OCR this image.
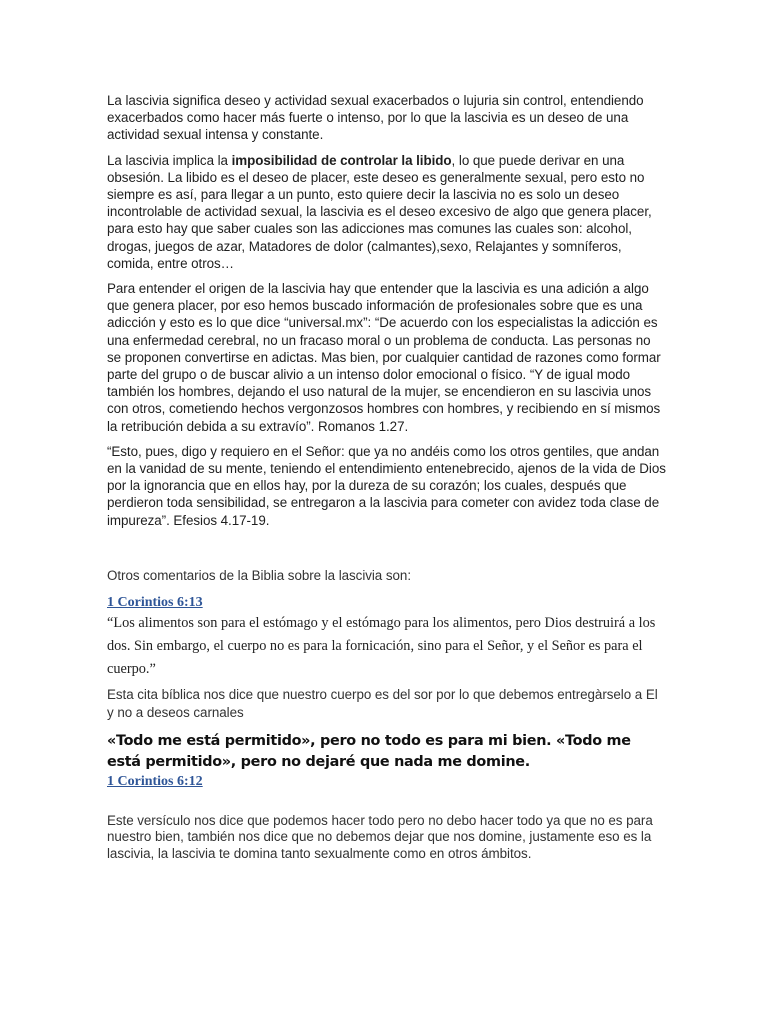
La lascivia significa deseo y actividad sexual exacerbados o lujuria sin control, entendiendo exacerbados como hacer más fuerte o intenso, por lo que la lascivia es un deseo de una actividad sexual intensa y constante.

La lascivia implica la imposibilidad de controlar la libido, lo que puede derivar en una obsesión. La libido es el deseo de placer, este deseo es generalmente sexual, pero esto no siempre es así, para llegar a un punto, esto quiere decir la lascivia no es solo un deseo incontrolable de actividad sexual, la lascivia es el deseo excesivo de algo que genera placer, para esto hay que saber cuales son las adicciones mas comunes las cuales son: alcohol, drogas, juegos de azar, Matadores de dolor (calmantes),sexo, Relajantes y somníferos, comida, entre otros…

Para entender el origen de la lascivia hay que entender que la lascivia es una adición a algo que genera placer, por eso hemos buscado información de profesionales sobre que es una adicción y esto es lo que dice “universal.mx”: “De acuerdo con los especialistas la adicción es una enfermedad cerebral, no un fracaso moral o un problema de conducta. Las personas no se proponen convertirse en adictas. Mas bien, por cualquier cantidad de razones como formar parte del grupo o de buscar alivio a un intenso dolor emocional o físico. “Y de igual modo también los hombres, dejando el uso natural de la mujer, se encendieron en su lascivia unos con otros, cometiendo hechos vergonzosos hombres con hombres, y recibiendo en sí mismos la retribución debida a su extravío”. Romanos 1.27.

“Esto, pues, digo y requiero en el Señor: que ya no andéis como los otros gentiles, que andan en la vanidad de su mente, teniendo el entendimiento entenebrecido, ajenos de la vida de Dios por la ignorancia que en ellos hay, por la dureza de su corazón; los cuales, después que perdieron toda sensibilidad, se entregaron a la lascivia para cometer con avidez toda clase de impureza”. Efesios 4.17-19.

Otros comentarios de la Biblia sobre la lascivia son:

1 Corintios 6:13

“Los alimentos son para el estómago y el estómago para los alimentos, pero Dios destruirá a los dos. Sin embargo, el cuerpo no es para la fornicación, sino para el Señor, y el Señor es para el cuerpo.”

Esta cita bíblica nos dice que nuestro cuerpo es del sor por lo que debemos entregàrselo a El y no a deseos carnales

«Todo me está permitido», pero no todo es para mi bien. «Todo me está permitido», pero no dejaré que nada me domine.

1 Corintios 6:12

Este versículo nos dice que podemos hacer todo pero no debo hacer todo ya que no es para nuestro bien, también nos dice que no debemos dejar que nos domine, justamente eso es la lascivia, la lascivia te domina tanto sexualmente como en otros ámbitos.
